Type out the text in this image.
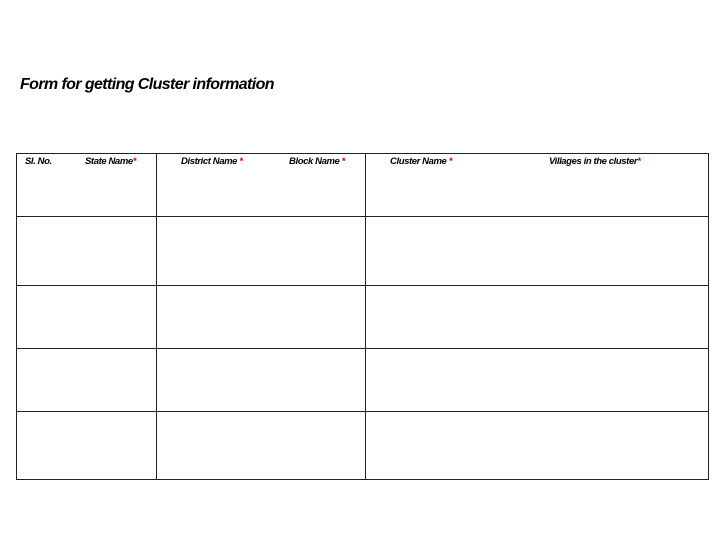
Form for getting Cluster information
Sl. No. State Name*	District Name * Block Name *	Cluster Name * Villages in the cluster*
